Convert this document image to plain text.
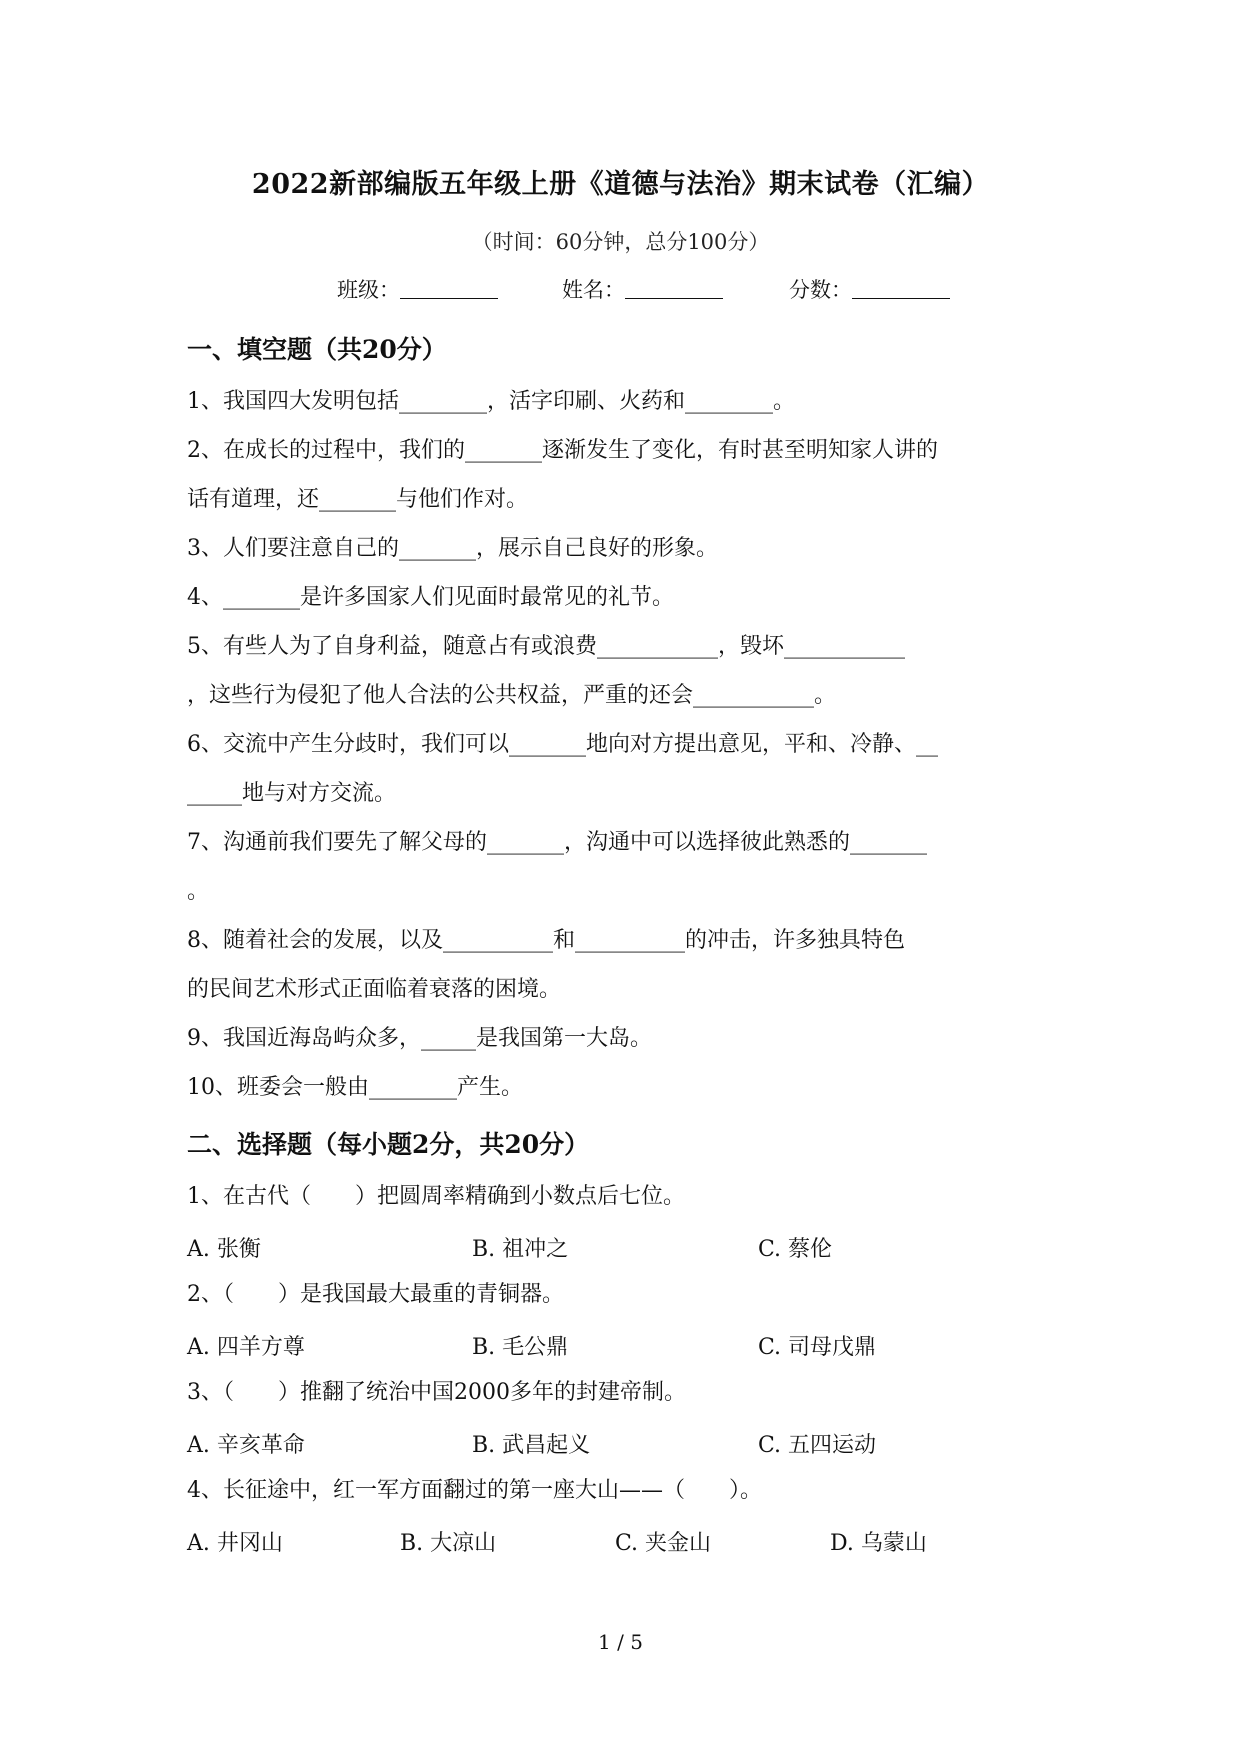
2022新部编版五年级上册《道德与法治》期末试卷（汇编）
（时间：60分钟，总分100分）
班级：	姓名：	分数：
一、填空题（共20分）
1、我国四大发明包括________，活字印刷、火药和________。
2、在成长的过程中，我们的_______逐渐发生了变化，有时甚至明知家人讲的
话有道理，还_______与他们作对。
3、人们要注意自己的_______，展示自己良好的形象。
4、_______是许多国家人们见面时最常见的礼节。
5、有些人为了自身利益，随意占有或浪费___________，毁坏___________
，这些行为侵犯了他人合法的公共权益，严重的还会___________。
6、交流中产生分歧时，我们可以_______地向对方提出意见，平和、冷静、__
_____地与对方交流。
7、沟通前我们要先了解父母的_______，沟通中可以选择彼此熟悉的_______
。
8、随着社会的发展，以及__________和__________的冲击，许多独具特色
的民间艺术形式正面临着衰落的困境。
9、我国近海岛屿众多，_____是我国第一大岛。
10、班委会一般由________产生。
二、选择题（每小题2分，共20分）
1、在古代（　　）把圆周率精确到小数点后七位。
A. 张衡	B. 祖冲之	C. 蔡伦
2、（　　）是我国最大最重的青铜器。
A. 四羊方尊	B. 毛公鼎	C. 司母戊鼎
3、（　　）推翻了统治中国2000多年的封建帝制。
A. 辛亥革命	B. 武昌起义	C. 五四运动
4、长征途中，红一军方面翻过的第一座大山——（　　）。
A. 井冈山	B. 大凉山	C. 夹金山	D. 乌蒙山
1 / 5
